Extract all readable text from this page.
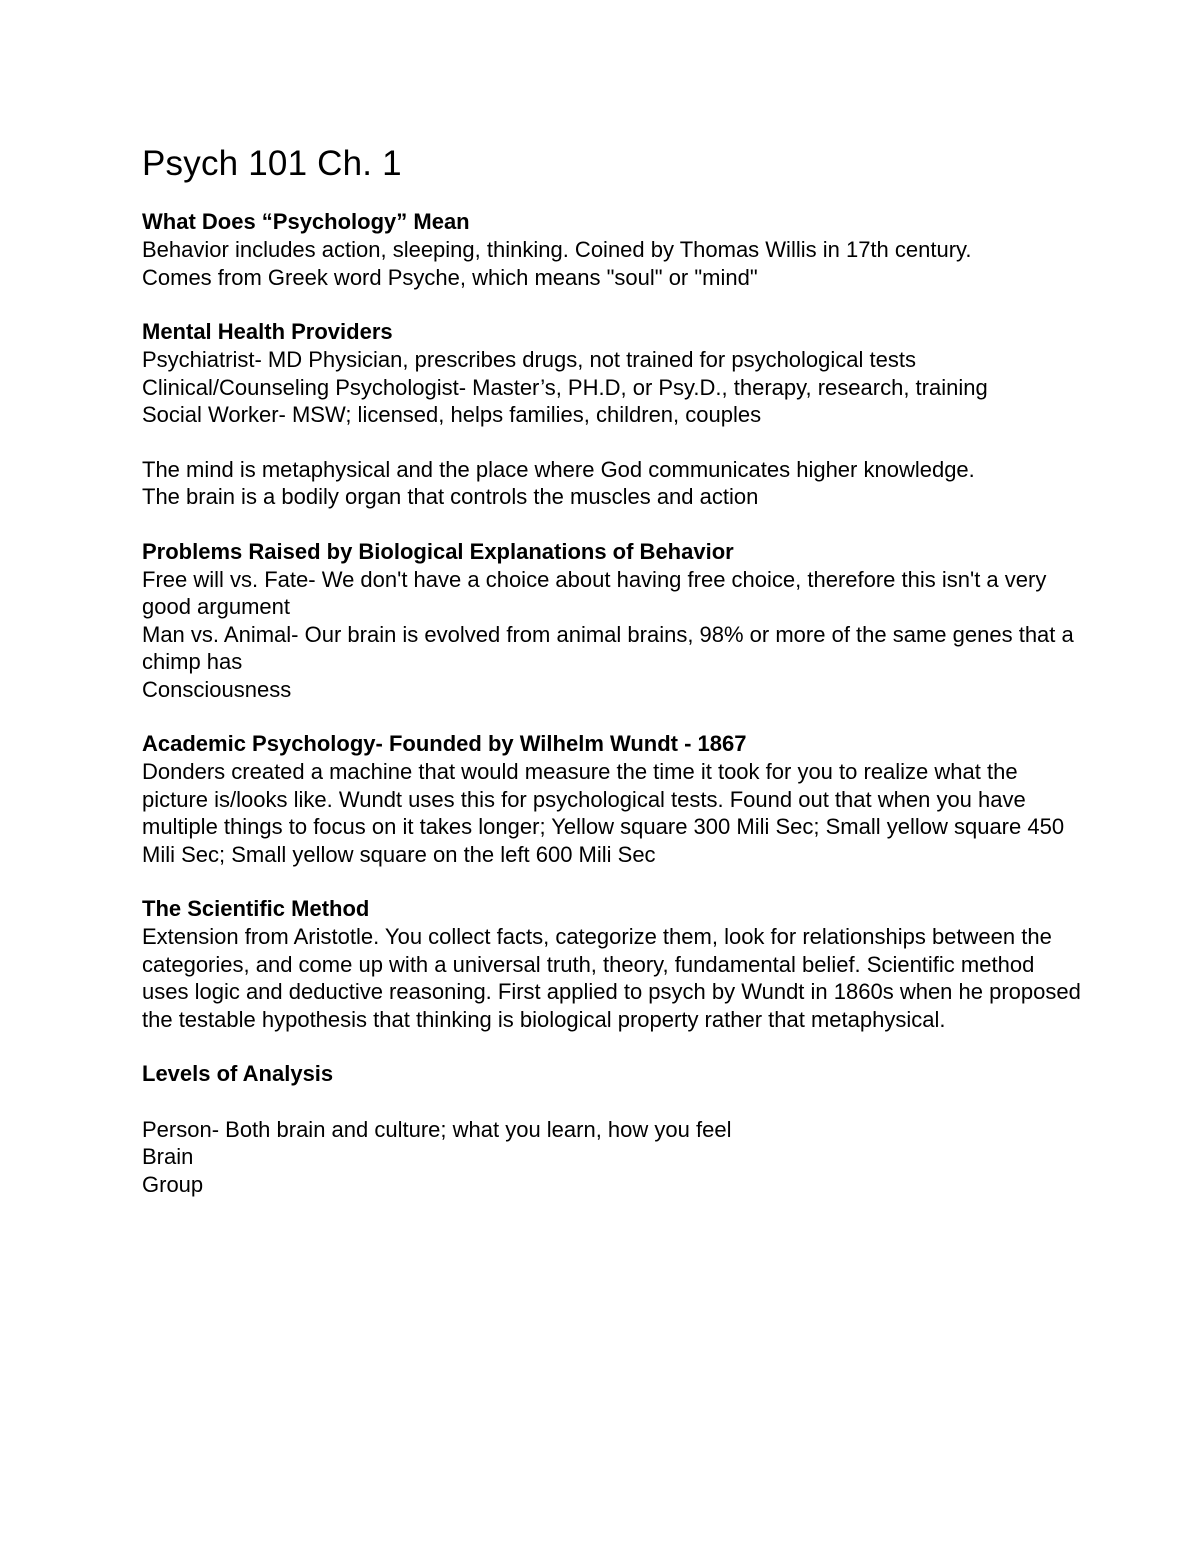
Psych 101 Ch. 1

What Does “Psychology” Mean

Behavior includes action, sleeping, thinking. Coined by Thomas Willis in 17th century.

Comes from Greek word Psyche, which means "soul" or "mind"

Mental Health Providers

Psychiatrist- MD Physician, prescribes drugs, not trained for psychological tests

Clinical/Counseling Psychologist- Master’s, PH.D, or Psy.D., therapy, research, training

Social Worker- MSW; licensed, helps families, children, couples

The mind is metaphysical and the place where God communicates higher knowledge.

The brain is a bodily organ that controls the muscles and action

Problems Raised by Biological Explanations of Behavior

Free will vs. Fate- We don't have a choice about having free choice, therefore this isn't a very good argument

Man vs. Animal- Our brain is evolved from animal brains, 98% or more of the same genes that a chimp has

Consciousness

Academic Psychology- Founded by Wilhelm Wundt - 1867

Donders created a machine that would measure the time it took for you to realize what the picture is/looks like. Wundt uses this for psychological tests. Found out that when you have multiple things to focus on it takes longer; Yellow square 300 Mili Sec; Small yellow square 450 Mili Sec; Small yellow square on the left 600 Mili Sec

The Scientific Method

Extension from Aristotle. You collect facts, categorize them, look for relationships between the categories, and come up with a universal truth, theory, fundamental belief. Scientific method uses logic and deductive reasoning. First applied to psych by Wundt in 1860s when he proposed the testable hypothesis that thinking is biological property rather that metaphysical.

Levels of Analysis

Person- Both brain and culture; what you learn, how you feel

Brain

Group
